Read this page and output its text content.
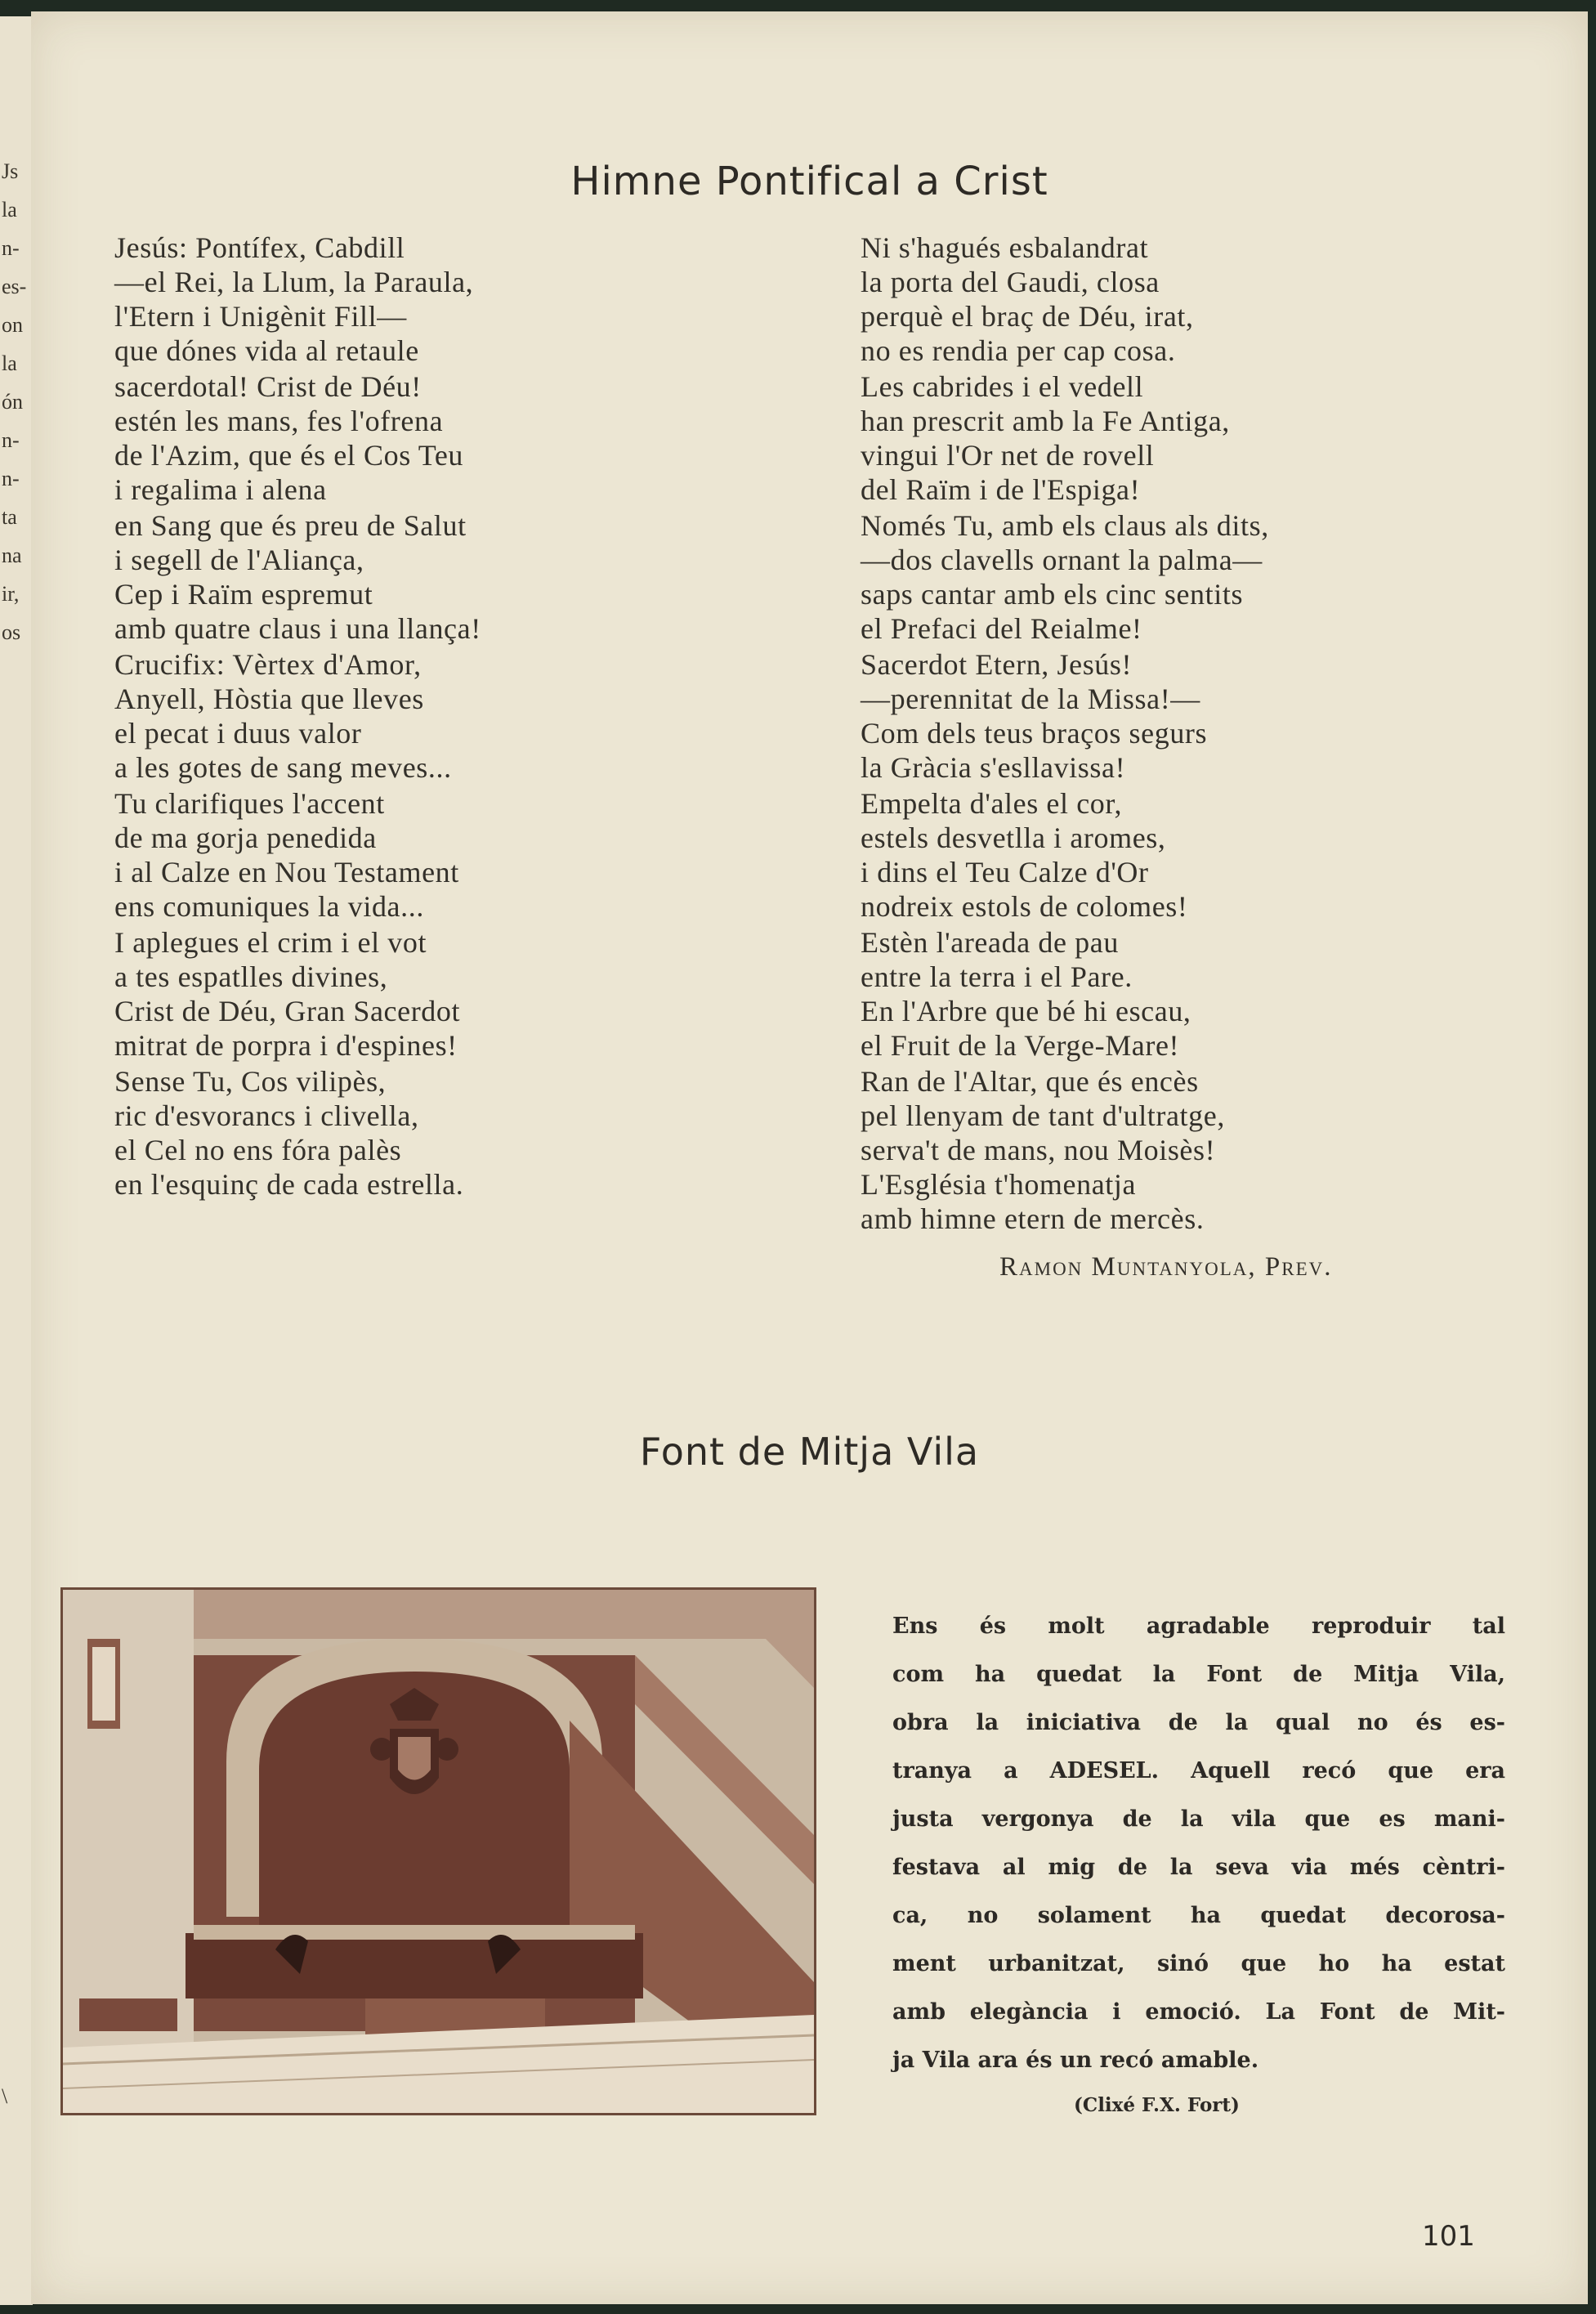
Js
la
n-
es-
on
la
ón
n-
n-
ta
na
ir,
os
\
Himne Pontifical a Crist
Jesús: Pontífex, Cabdill
—el Rei, la Llum, la Paraula,
l'Etern i Unigènit Fill—
que dónes vida al retaule
sacerdotal! Crist de Déu!
estén les mans, fes l'ofrena
de l'Azim, que és el Cos Teu
i regalima i alena
en Sang que és preu de Salut
i segell de l'Aliança,
Cep i Raïm espremut
amb quatre claus i una llança!
Crucifix: Vèrtex d'Amor,
Anyell, Hòstia que lleves
el pecat i duus valor
a les gotes de sang meves...
Tu clarifiques l'accent
de ma gorja penedida
i al Calze en Nou Testament
ens comuniques la vida...
I aplegues el crim i el vot
a tes espatlles divines,
Crist de Déu, Gran Sacerdot
mitrat de porpra i d'espines!
Sense Tu, Cos vilipès,
ric d'esvorancs i clivella,
el Cel no ens fóra palès
en l'esquinç de cada estrella.
Ni s'hagués esbalandrat
la porta del Gaudi, closa
perquè el braç de Déu, irat,
no es rendia per cap cosa.
Les cabrides i el vedell
han prescrit amb la Fe Antiga,
vingui l'Or net de rovell
del Raïm i de l'Espiga!
Només Tu, amb els claus als dits,
—dos clavells ornant la palma—
saps cantar amb els cinc sentits
el Prefaci del Reialme!
Sacerdot Etern, Jesús!
—perennitat de la Missa!—
Com dels teus braços segurs
la Gràcia s'esllavissa!
Empelta d'ales el cor,
estels desvetlla i aromes,
i dins el Teu Calze d'Or
nodreix estols de colomes!
Estèn l'areada de pau
entre la terra i el Pare.
En l'Arbre que bé hi escau,
el Fruit de la Verge-Mare!
Ran de l'Altar, que és encès
pel llenyam de tant d'ultratge,
serva't de mans, nou Moisès!
L'Església t'homenatja
amb himne etern de mercès.
Ramon Muntanyola, Prev.
Font de Mitja Vila
Ens és molt agradable reproduir tal
com ha quedat la Font de Mitja Vila,
obra la iniciativa de la qual no és es-
tranya a ADESEL. Aquell recó que era
justa vergonya de la vila que es mani-
festava al mig de la seva via més cèntri-
ca, no solament ha quedat decorosa-
ment urbanitzat, sinó que ho ha estat
amb elegància i emoció. La Font de Mit-
ja Vila ara és un recó amable.
(Clixé F.X. Fort)
101
